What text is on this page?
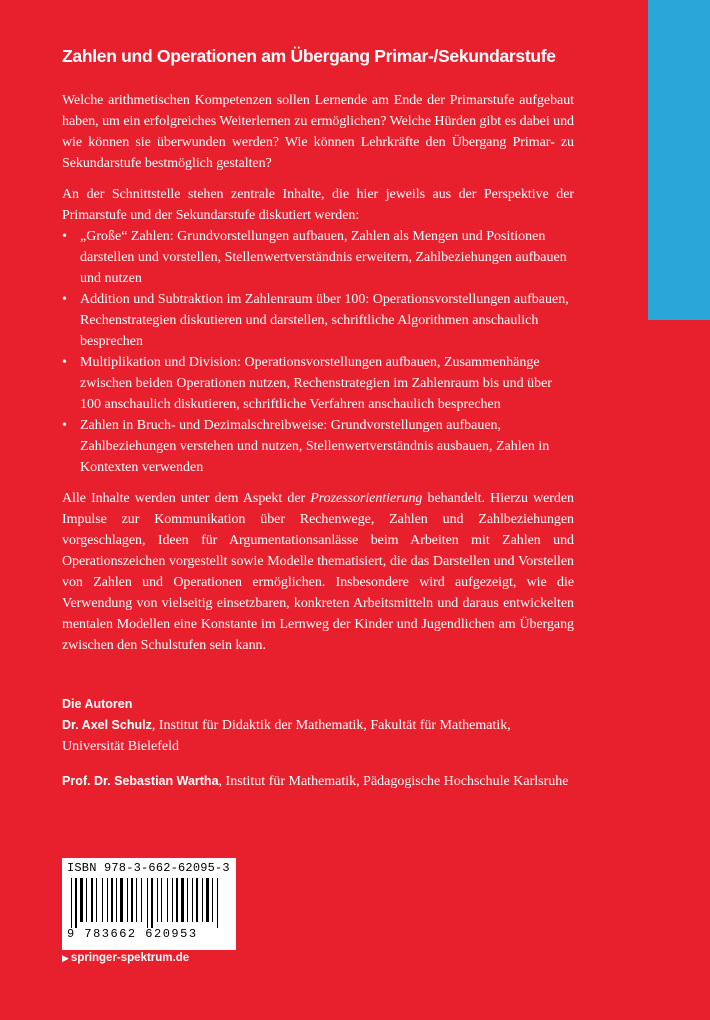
Zahlen und Operationen am Übergang Primar-/Sekundarstufe

Welche arithmetischen Kompetenzen sollen Lernende am Ende der Primarstufe aufgebaut haben, um ein erfolgreiches Weiterlernen zu ermöglichen? Welche Hürden gibt es dabei und wie können sie überwunden werden? Wie können Lehrkräfte den Übergang Primar- zu Sekundarstufe bestmöglich gestalten?

An der Schnittstelle stehen zentrale Inhalte, die hier jeweils aus der Perspektive der Primarstufe und der Sekundarstufe diskutiert werden:

• „Große“ Zahlen: Grundvorstellungen aufbauen, Zahlen als Mengen und Positionen darstellen und vorstellen, Stellenwertverständnis erweitern, Zahlbeziehungen aufbauen und nutzen
• Addition und Subtraktion im Zahlenraum über 100: Operationsvorstellungen aufbauen, Rechenstrategien diskutieren und darstellen, schriftliche Algorithmen anschaulich besprechen
• Multiplikation und Division: Operationsvorstellungen aufbauen, Zusammenhänge zwischen beiden Operationen nutzen, Rechenstrategien im Zahlenraum bis und über 100 anschaulich diskutieren, schriftliche Verfahren anschaulich besprechen
• Zahlen in Bruch- und Dezimalschreibweise: Grundvorstellungen aufbauen, Zahlbeziehungen verstehen und nutzen, Stellenwertverständnis ausbauen, Zahlen in Kontexten verwenden

Alle Inhalte werden unter dem Aspekt der Prozessorientierung behandelt. Hierzu werden Impulse zur Kommunikation über Rechenwege, Zahlen und Zahlbeziehungen vorgeschlagen, Ideen für Argumentationsanlässe beim Arbeiten mit Zahlen und Operationszeichen vorgestellt sowie Modelle thematisiert, die das Darstellen und Vorstellen von Zahlen und Operationen ermöglichen. Insbesondere wird aufgezeigt, wie die Verwendung von vielseitig einsetzbaren, konkreten Arbeitsmitteln und daraus entwickelten mentalen Modellen eine Konstante im Lernweg der Kinder und Jugendlichen am Übergang zwischen den Schulstufen sein kann.

Die Autoren
Dr. Axel Schulz, Institut für Didaktik der Mathematik, Fakultät für Mathematik, Universität Bielefeld
Prof. Dr. Sebastian Wartha, Institut für Mathematik, Pädagogische Hochschule Karlsruhe
ISBN 978-3-662-62095-3
9 783662 620953
▶ springer-spektrum.de
